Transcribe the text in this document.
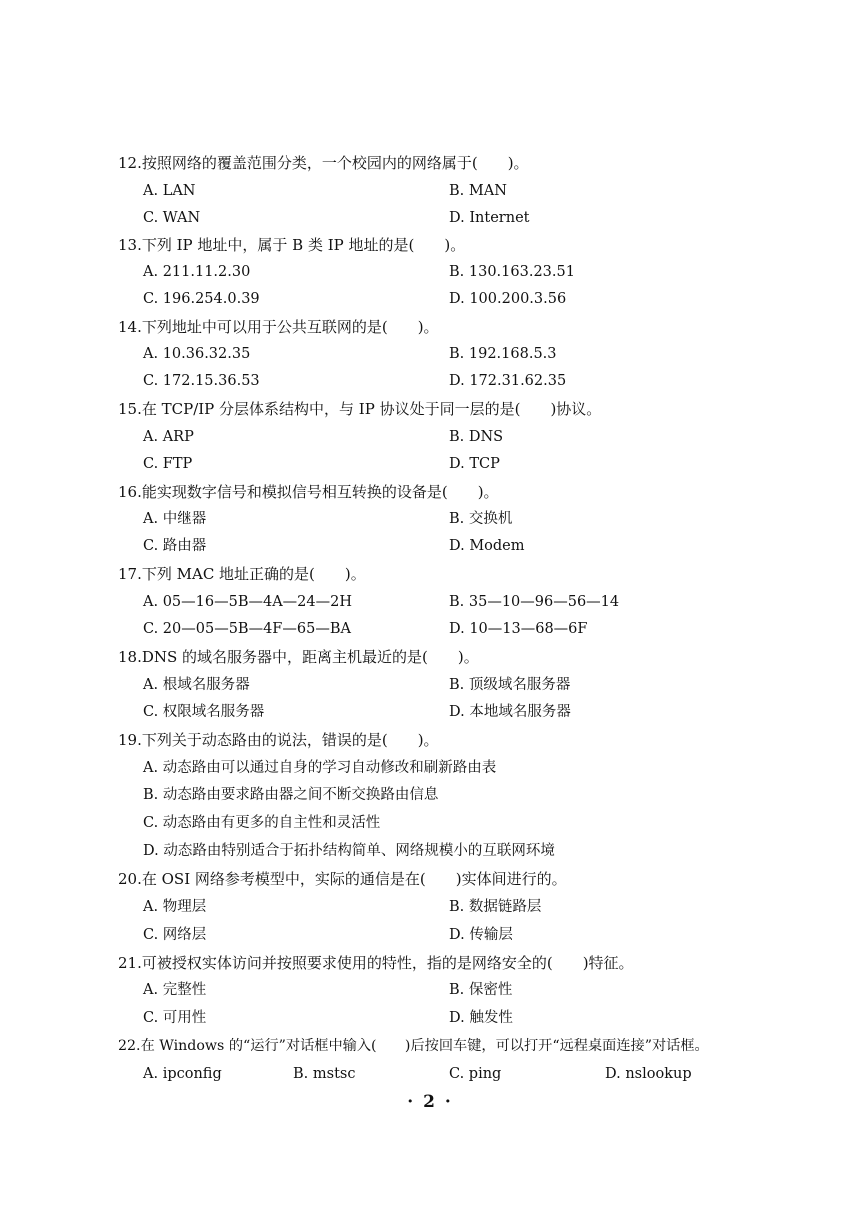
12.按照网络的覆盖范围分类，一个校园内的网络属于(　　)。
A. LAN	B. MAN
C. WAN	D. Internet
13.下列 IP 地址中，属于 B 类 IP 地址的是(　　)。
A. 211.11.2.30	B. 130.163.23.51
C. 196.254.0.39	D. 100.200.3.56
14.下列地址中可以用于公共互联网的是(　　)。
A. 10.36.32.35	B. 192.168.5.3
C. 172.15.36.53	D. 172.31.62.35
15.在 TCP/IP 分层体系结构中，与 IP 协议处于同一层的是(　　)协议。
A. ARP	B. DNS
C. FTP	D. TCP
16.能实现数字信号和模拟信号相互转换的设备是(　　)。
A. 中继器	B. 交换机
C. 路由器	D. Modem
17.下列 MAC 地址正确的是(　　)。
A. 05—16—5B—4A—24—2H	B. 35—10—96—56—14
C. 20—05—5B—4F—65—BA	D. 10—13—68—6F
18.DNS 的域名服务器中，距离主机最近的是(　　)。
A. 根域名服务器	B. 顶级域名服务器
C. 权限域名服务器	D. 本地域名服务器
19.下列关于动态路由的说法，错误的是(　　)。
A. 动态路由可以通过自身的学习自动修改和刷新路由表
B. 动态路由要求路由器之间不断交换路由信息
C. 动态路由有更多的自主性和灵活性
D. 动态路由特别适合于拓扑结构简单、网络规模小的互联网环境
20.在 OSI 网络参考模型中，实际的通信是在(　　)实体间进行的。
A. 物理层	B. 数据链路层
C. 网络层	D. 传输层
21.可被授权实体访问并按照要求使用的特性，指的是网络安全的(　　)特征。
A. 完整性	B. 保密性
C. 可用性	D. 触发性
22.在 Windows 的“运行”对话框中输入(　　)后按回车键，可以打开“远程桌面连接”对话框。
A. ipconfig	B. mstsc	C. ping	D. nslookup
· 2 ·
